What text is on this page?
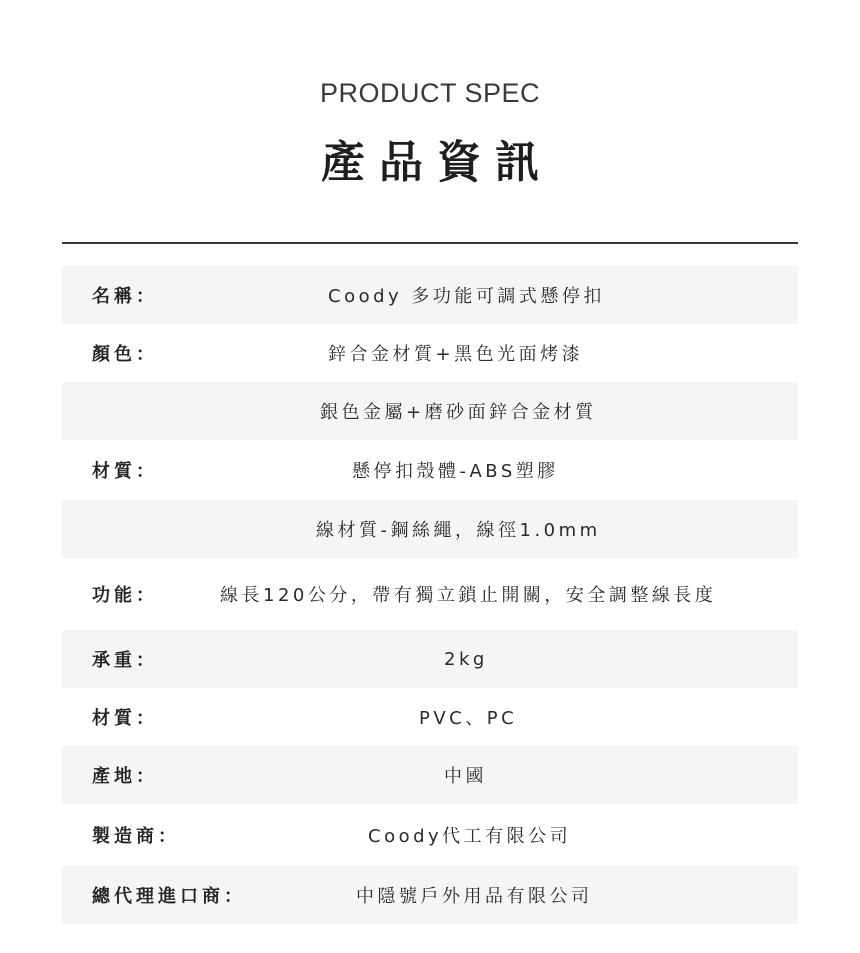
PRODUCT SPEC
產品資訊
名稱：	Coody 多功能可調式懸停扣
顏色：	鋅合金材質+黑色光面烤漆
銀色金屬+磨砂面鋅合金材質
材質：	懸停扣殼體-ABS塑膠
線材質-鋼絲繩，線徑1.0mm
功能：	線長120公分，帶有獨立鎖止開關，安全調整線長度
承重：	2kg
材質：	PVC、PC
產地：	中國
製造商：	Coody代工有限公司
總代理進口商：	中隱號戶外用品有限公司
